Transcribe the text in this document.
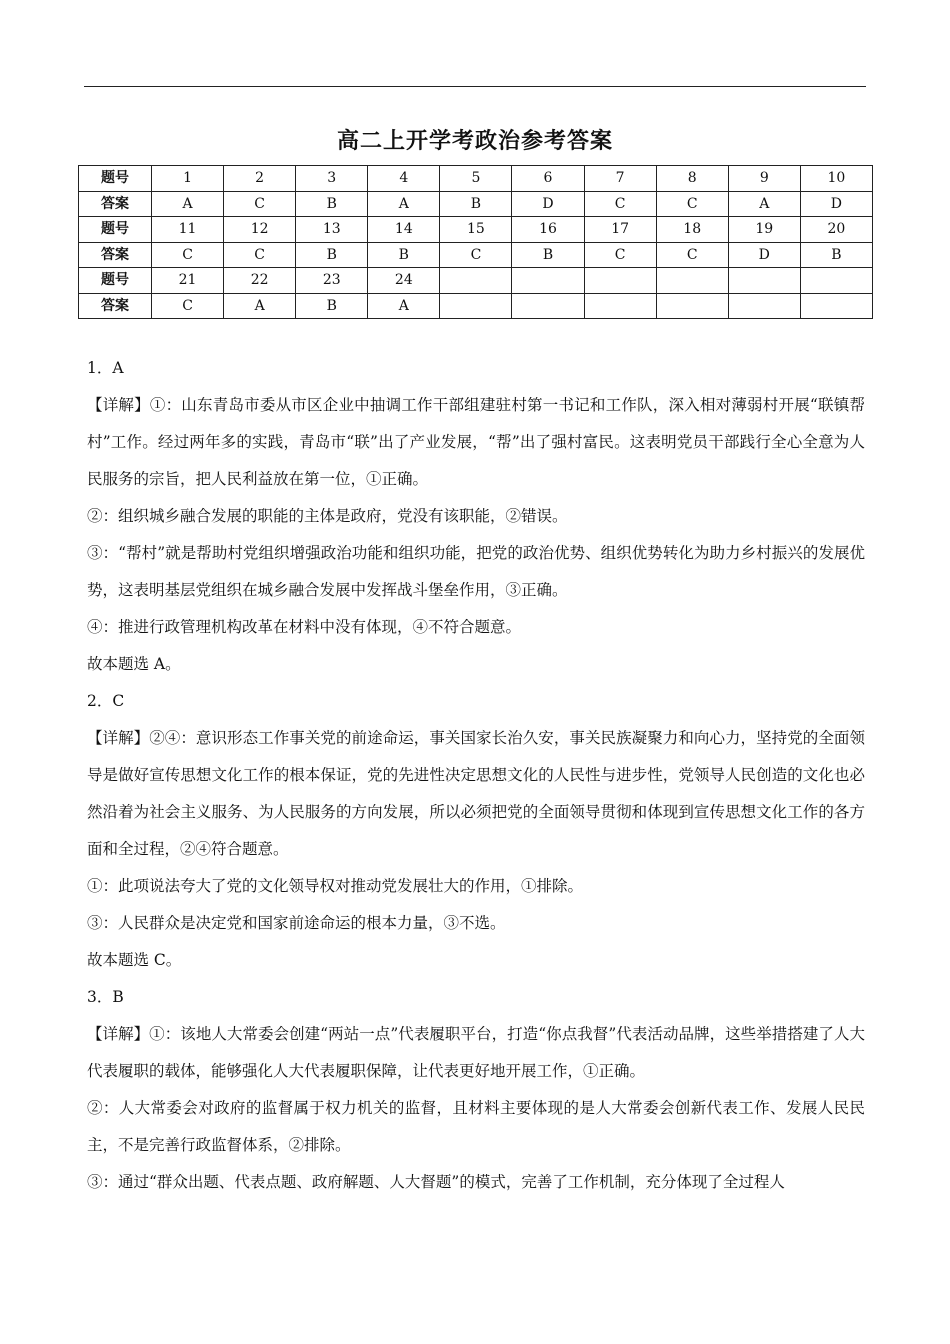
高二上开学考政治参考答案
题号	1	2	3	4	5	6	7	8	9	10
答案	A	C	B	A	B	D	C	C	A	D
题号	11	12	13	14	15	16	17	18	19	20
答案	C	C	B	B	C	B	C	C	D	B
题号	21	22	23	24						
答案	C	A	B	A						

1．A

【详解】①：山东青岛市委从市区企业中抽调工作干部组建驻村第一书记和工作队，深入相对薄弱村开展“联镇帮村”工作。经过两年多的实践，青岛市“联”出了产业发展，“帮”出了强村富民。这表明党员干部践行全心全意为人民服务的宗旨，把人民利益放在第一位，①正确。

②：组织城乡融合发展的职能的主体是政府，党没有该职能，②错误。

③：“帮村”就是帮助村党组织增强政治功能和组织功能，把党的政治优势、组织优势转化为助力乡村振兴的发展优势，这表明基层党组织在城乡融合发展中发挥战斗堡垒作用，③正确。

④：推进行政管理机构改革在材料中没有体现，④不符合题意。

故本题选 A。

2．C

【详解】②④：意识形态工作事关党的前途命运，事关国家长治久安，事关民族凝聚力和向心力，坚持党的全面领导是做好宣传思想文化工作的根本保证，党的先进性决定思想文化的人民性与进步性，党领导人民创造的文化也必然沿着为社会主义服务、为人民服务的方向发展，所以必须把党的全面领导贯彻和体现到宣传思想文化工作的各方面和全过程，②④符合题意。

①：此项说法夸大了党的文化领导权对推动党发展壮大的作用，①排除。

③：人民群众是决定党和国家前途命运的根本力量，③不选。

故本题选 C。

3．B

【详解】①：该地人大常委会创建“两站一点”代表履职平台，打造“你点我督”代表活动品牌，这些举措搭建了人大代表履职的载体，能够强化人大代表履职保障，让代表更好地开展工作，①正确。

②：人大常委会对政府的监督属于权力机关的监督，且材料主要体现的是人大常委会创新代表工作、发展人民民主，不是完善行政监督体系，②排除。

③：通过“群众出题、代表点题、政府解题、人大督题”的模式，完善了工作机制，充分体现了全过程人
